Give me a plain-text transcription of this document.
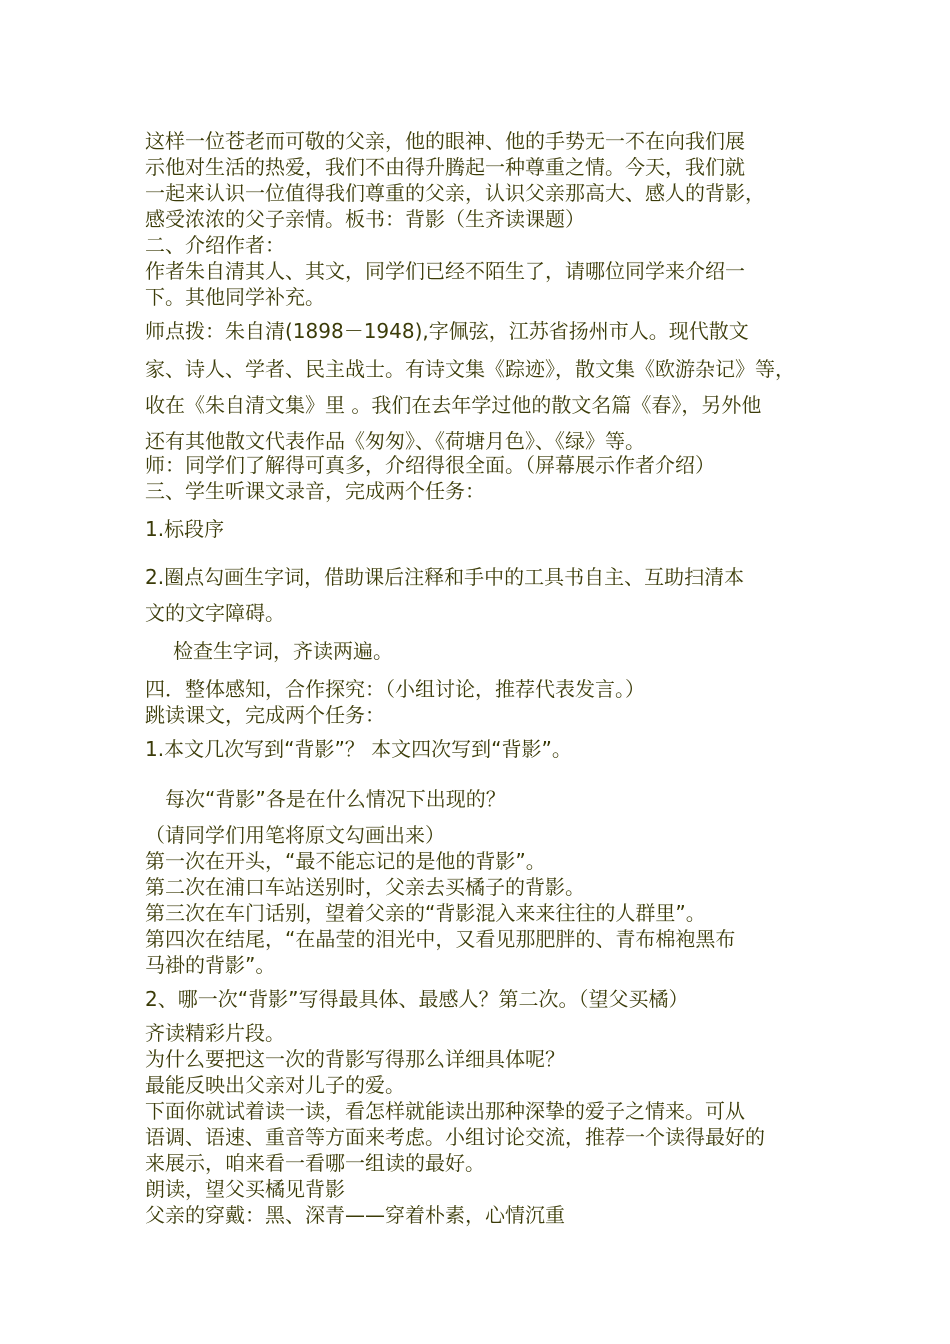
这样一位苍老而可敬的父亲，他的眼神、他的手势无一不在向我们展

示他对生活的热爱，我们不由得升腾起一种尊重之情。今天，我们就

一起来认识一位值得我们尊重的父亲，认识父亲那高大、感人的背影，

感受浓浓的父子亲情。板书：背影（生齐读课题）

二、介绍作者：

作者朱自清其人、其文，同学们已经不陌生了，请哪位同学来介绍一

下。其他同学补充。

师点拨：朱自清(1898－1948),字佩弦，江苏省扬州市人。现代散文

家、诗人、学者、民主战士。有诗文集《踪迹》，散文集《欧游杂记》等，

收在《朱自清文集》里 。我们在去年学过他的散文名篇《春》，另外他

还有其他散文代表作品《匆匆》、《荷塘月色》、《绿》等。

师：同学们了解得可真多，介绍得很全面。（屏幕展示作者介绍）

三、学生听课文录音，完成两个任务：

1.标段序

2.圈点勾画生字词，借助课后注释和手中的工具书自主、互助扫清本

文的文字障碍。

检查生字词，齐读两遍。

四．整体感知，合作探究：（小组讨论，推荐代表发言。）

跳读课文，完成两个任务：

1.本文几次写到“背影”？ 本文四次写到“背影”。

每次“背影”各是在什么情况下出现的？

（请同学们用笔将原文勾画出来）

第一次在开头，“最不能忘记的是他的背影”。

第二次在浦口车站送别时，父亲去买橘子的背影。

第三次在车门话别，望着父亲的“背影混入来来往往的人群里”。

第四次在结尾，“在晶莹的泪光中，又看见那肥胖的、青布棉袍黑布

马褂的背影”。

2、哪一次“背影”写得最具体、最感人？第二次。（望父买橘）

齐读精彩片段。

为什么要把这一次的背影写得那么详细具体呢？

最能反映出父亲对儿子的爱。

下面你就试着读一读，看怎样就能读出那种深挚的爱子之情来。可从

语调、语速、重音等方面来考虑。小组讨论交流，推荐一个读得最好的

来展示，咱来看一看哪一组读的最好。

朗读，望父买橘见背影

父亲的穿戴：黑、深青——穿着朴素，心情沉重
